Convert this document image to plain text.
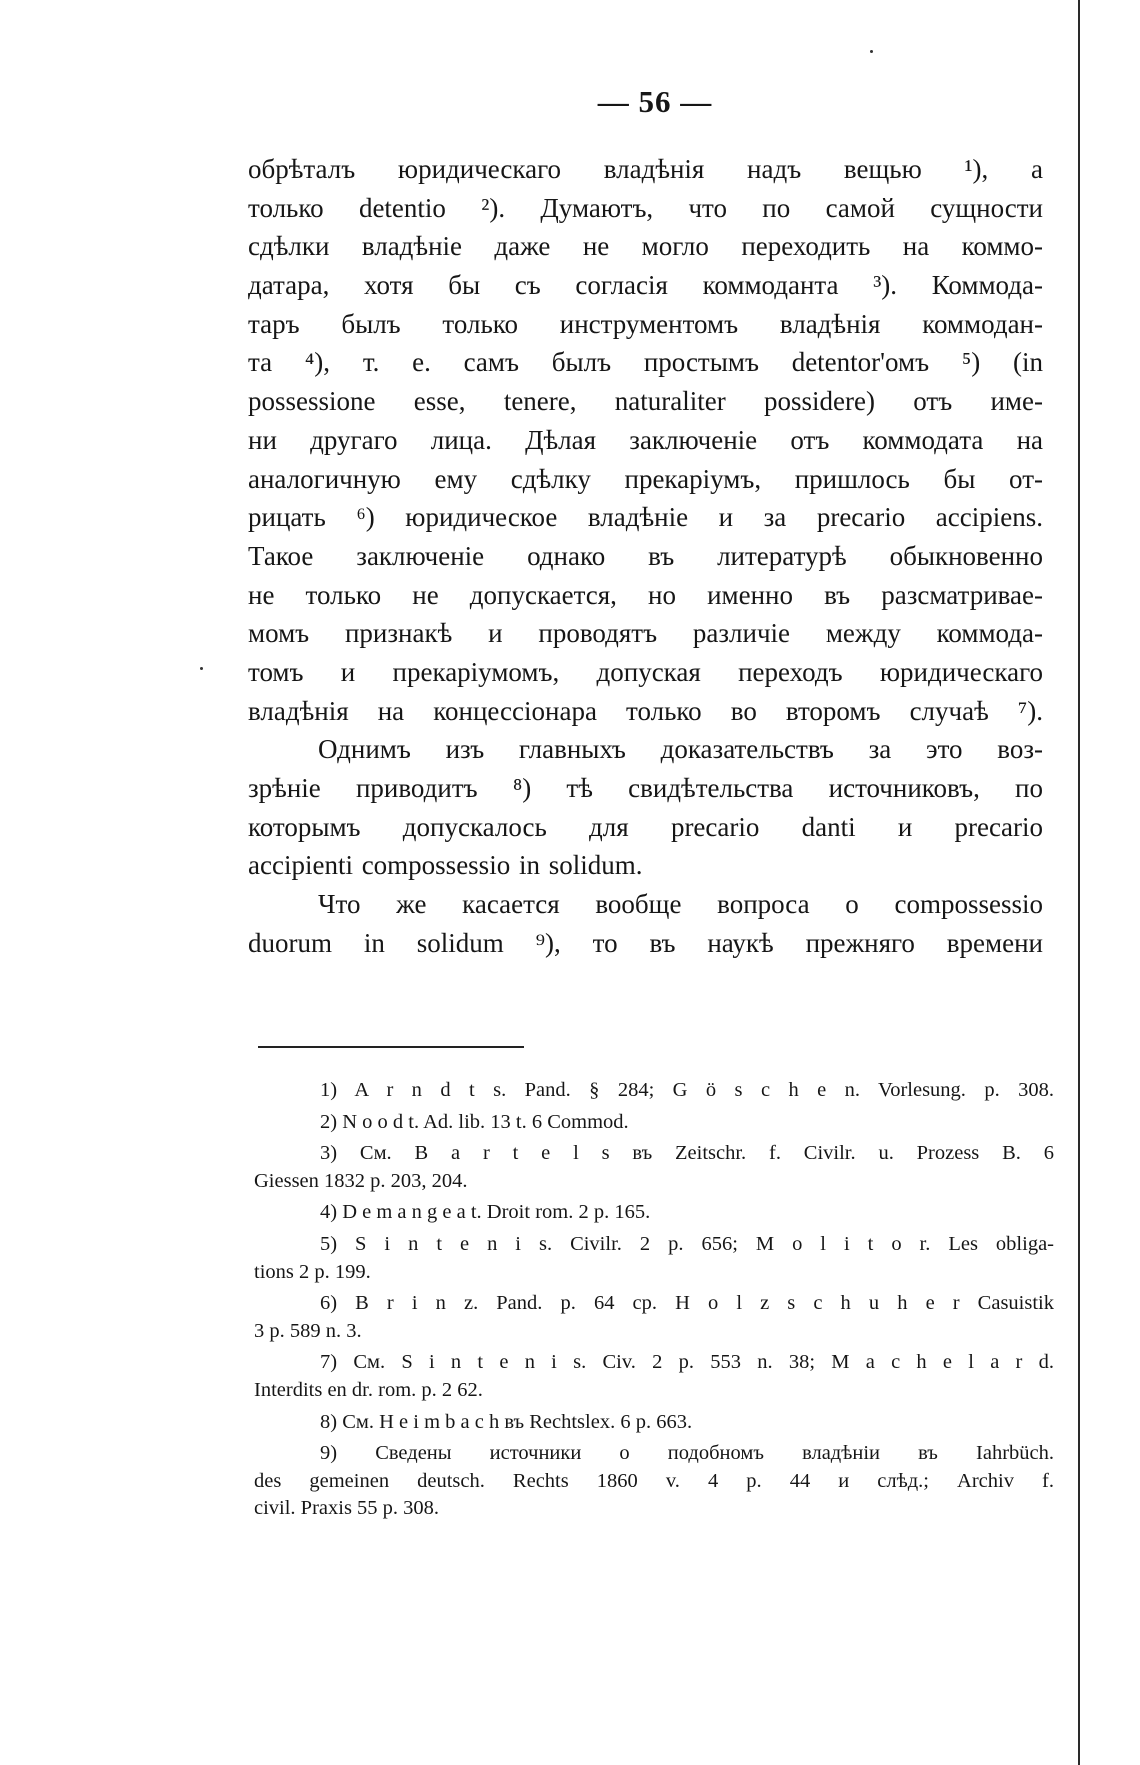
— 56 —
обрѣталъ юридическаго владѣнія надъ вещью ¹), а
только detentio ²). Думаютъ, что по самой сущности
сдѣлки владѣніе даже не могло переходить на коммо-
датара, хотя бы съ согласія коммоданта ³). Коммода-
таръ былъ только инструментомъ владѣнія коммодан-
та ⁴), т. е. самъ былъ простымъ detentor'омъ ⁵) (in
possessione esse, tenere, naturaliter possidere) отъ име-
ни другаго лица. Дѣлая заключеніе отъ коммодата на
аналогичную ему сдѣлку прекаріумъ, пришлось бы от-
рицать ⁶) юридическое владѣніе и за precario accipiens.
Такое заключеніе однако въ литературѣ обыкновенно
не только не допускается, но именно въ разсматривае-
момъ признакѣ и проводятъ различіе между коммода-
томъ и прекаріумомъ, допуская переходъ юридическаго
владѣнія на концессіонара только во второмъ случаѣ ⁷).
Однимъ изъ главныхъ доказательствъ за это воз-
зрѣніе приводитъ ⁸) тѣ свидѣтельства источниковъ, по
которымъ допускалось для precario danti и precario
accipienti compossessio in solidum.
Что же касается вообще вопроса о compossessio
duorum in solidum ⁹), то въ наукѣ прежняго времени
1) A r n d t s. Pand. § 284; G ö s c h e n. Vorlesung. p. 308.
2) N o o d t. Ad. lib. 13 t. 6 Commod.
3) См. B a r t e l s въ Zeitschr. f. Civilr. u. Prozess B. 6
Giessen 1832 p. 203, 204.
4) D e m a n g e a t. Droit rom. 2 p. 165.
5) S i n t e n i s. Civilr. 2 p. 656; M o l i t o r. Les obliga-
tions 2 p. 199.
6) B r i n z. Pand. p. 64 cp. H o l z s c h u h e r Casuistik
3 p. 589 n. 3.
7) См. S i n t e n i s. Civ. 2 p. 553 n. 38; M a c h e l a r d.
Interdits en dr. rom. p. 2 62.
8) См. H e i m b a c h въ Rechtslex. 6 p. 663.
9) Сведены источники о подобномъ владѣніи въ Iahrbüch.
des gemeinen deutsch. Rechts 1860 v. 4 p. 44 и слѣд.; Archiv f.
civil. Praxis 55 p. 308.
